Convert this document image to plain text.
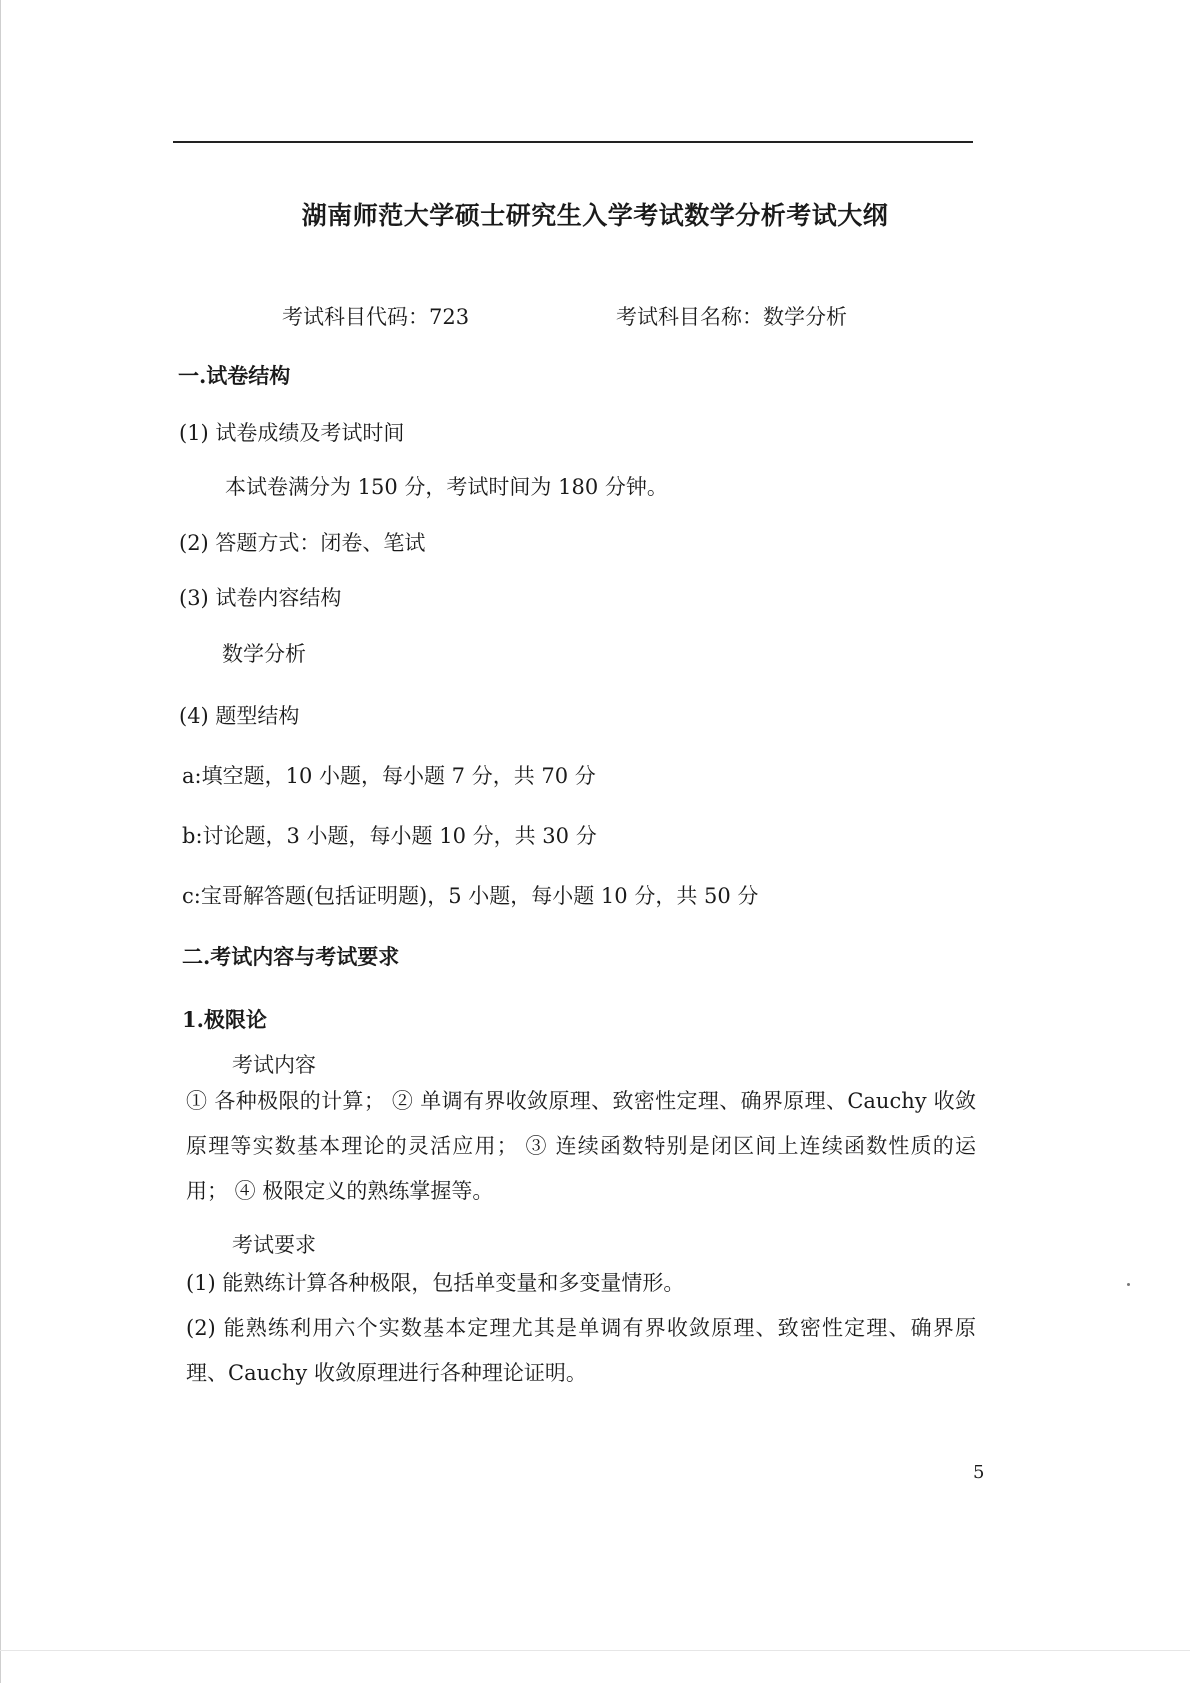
湖南师范大学硕士研究生入学考试数学分析考试大纲
考试科目代码：723	考试科目名称：数学分析
一.试卷结构
(1) 试卷成绩及考试时间
本试卷满分为 150 分，考试时间为 180 分钟。
(2) 答题方式：闭卷、笔试
(3) 试卷内容结构
数学分析
(4) 题型结构
a:填空题，10 小题，每小题 7 分，共 70 分
b:讨论题，3 小题，每小题 10 分，共 30 分
c:宝哥解答题(包括证明题)，5 小题，每小题 10 分，共 50 分
二.考试内容与考试要求
1.极限论
考试内容
① 各种极限的计算； ② 单调有界收敛原理、致密性定理、确界原理、Cauchy 收敛原理等实数基本理论的灵活应用； ③ 连续函数特别是闭区间上连续函数性质的运用； ④ 极限定义的熟练掌握等。
考试要求
(1) 能熟练计算各种极限，包括单变量和多变量情形。
(2) 能熟练利用六个实数基本定理尤其是单调有界收敛原理、致密性定理、确界原理、Cauchy 收敛原理进行各种理论证明。
5
